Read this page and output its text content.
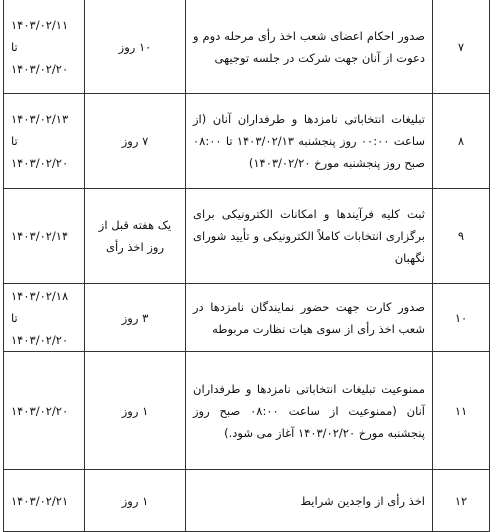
۷	صدور احکام اعضای شعب اخذ رأی مرحله دوم و دعوت از آنان جهت شرکت در جلسه توجیهی	۱۰ روز	۱۴۰۳/۰۲/۱۱ تا ۱۴۰۳/۰۲/۲۰
۸	تبلیغات انتخاباتی نامزدها و طرفداران آنان (از ساعت ۰۰:۰۰ روز پنجشنبه ۱۴۰۳/۰۲/۱۳ تا ۰۸:۰۰ صبح روز پنجشنبه مورخ ۱۴۰۳/۰۲/۲۰)	۷ روز	۱۴۰۳/۰۲/۱۳ تا ۱۴۰۳/۰۲/۲۰
۹	ثبت کلیه فرآیندها و امکانات الکترونیکی برای برگزاری انتخابات کاملاً الکترونیکی و تأیید شورای نگهبان	یک هفته قبل از روز اخذ رأی	۱۴۰۳/۰۲/۱۴
۱۰	صدور کارت جهت حضور نمایندگان نامزدها در شعب اخذ رأی از سوی هیات نظارت مربوطه	۳ روز	۱۴۰۳/۰۲/۱۸ تا ۱۴۰۳/۰۲/۲۰
۱۱	ممنوعیت تبلیغات انتخاباتی نامزدها و طرفداران آنان (ممنوعیت از ساعت ۰۸:۰۰ صبح روز پنجشنبه مورخ ۱۴۰۳/۰۲/۲۰ آغاز می شود.)	۱ روز	۱۴۰۳/۰۲/۲۰
۱۲	اخذ رأی از واجدین شرایط	۱ روز	۱۴۰۳/۰۲/۲۱
